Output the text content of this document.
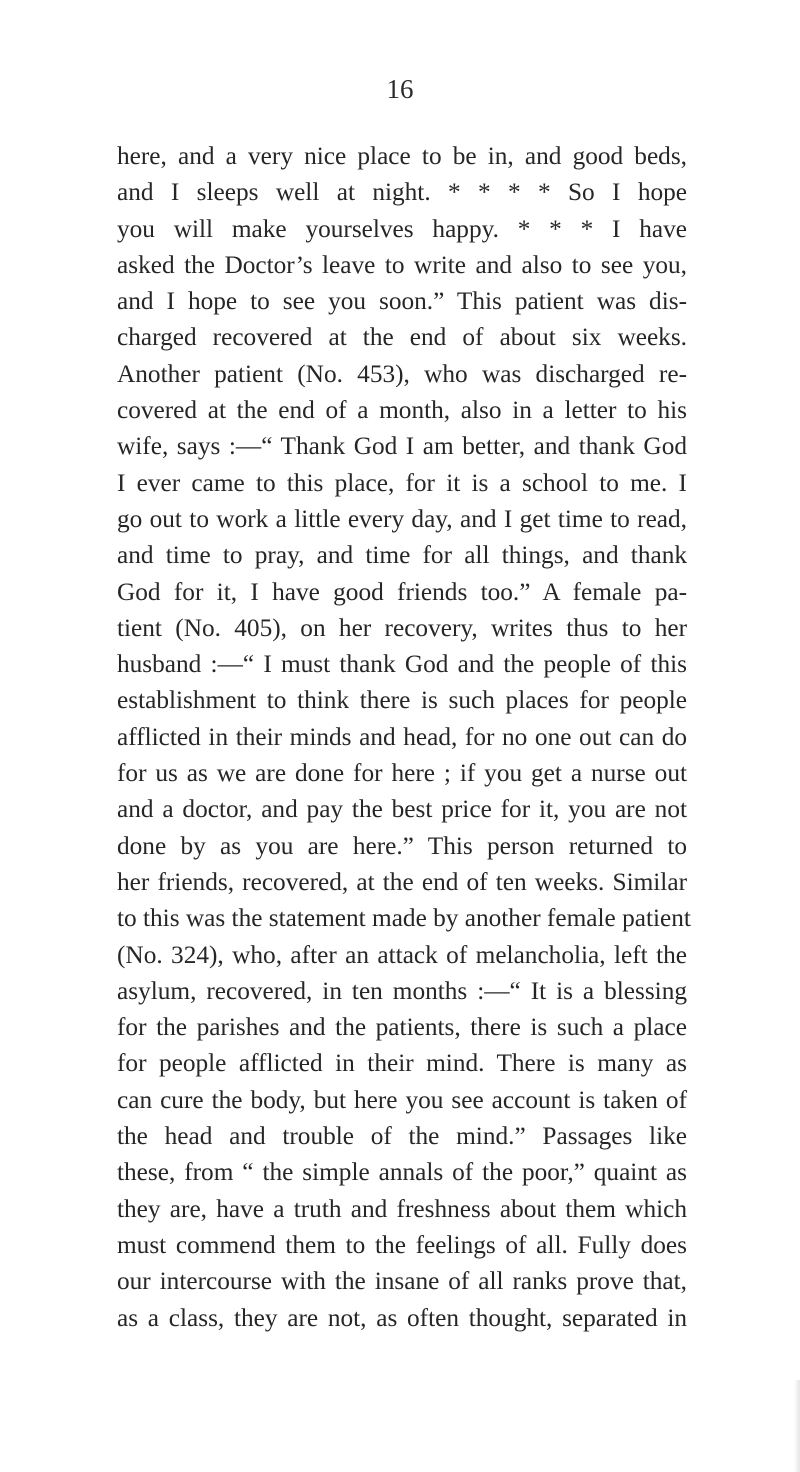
16
here, and a very nice place to be in, and good beds,
and I sleeps well at night. * * * * So I hope
you will make yourselves happy. * * * I have
asked the Doctor’s leave to write and also to see you,
and I hope to see you soon.” This patient was dis-
charged recovered at the end of about six weeks.
Another patient (No. 453), who was discharged re-
covered at the end of a month, also in a letter to his
wife, says :—“ Thank God I am better, and thank God
I ever came to this place, for it is a school to me. I
go out to work a little every day, and I get time to read,
and time to pray, and time for all things, and thank
God for it, I have good friends too.” A female pa-
tient (No. 405), on her recovery, writes thus to her
husband :—“ I must thank God and the people of this
establishment to think there is such places for people
afflicted in their minds and head, for no one out can do
for us as we are done for here ; if you get a nurse out
and a doctor, and pay the best price for it, you are not
done by as you are here.” This person returned to
her friends, recovered, at the end of ten weeks. Similar
to this was the statement made by another female patient
(No. 324), who, after an attack of melancholia, left the
asylum, recovered, in ten months :—“ It is a blessing
for the parishes and the patients, there is such a place
for people afflicted in their mind. There is many as
can cure the body, but here you see account is taken of
the head and trouble of the mind.” Passages like
these, from “ the simple annals of the poor,” quaint as
they are, have a truth and freshness about them which
must commend them to the feelings of all. Fully does
our intercourse with the insane of all ranks prove that,
as a class, they are not, as often thought, separated in
